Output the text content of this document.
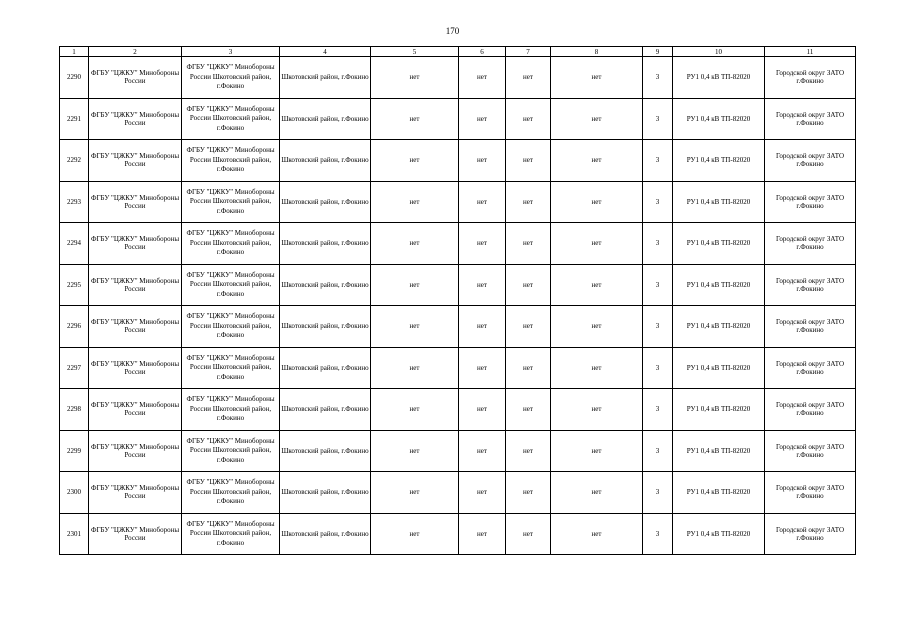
170
1	2	3	4	5	6	7	8	9	10	11
2290	ФГБУ "ЦЖКУ" Минобороны России	ФГБУ "ЦЖКУ" Минобороны России Шкотовский район, г.Фокино	Шкотовский район, г.Фокино	нет	нет	нет	нет	3	РУ1 0,4 кВ ТП-82020	Городской округ ЗАТО г.Фокино
2291	ФГБУ "ЦЖКУ" Минобороны России	ФГБУ "ЦЖКУ" Минобороны России Шкотовский район, г.Фокино	Шкотовский район, г.Фокино	нет	нет	нет	нет	3	РУ1 0,4 кВ ТП-82020	Городской округ ЗАТО г.Фокино
2292	ФГБУ "ЦЖКУ" Минобороны России	ФГБУ "ЦЖКУ" Минобороны России Шкотовский район, г.Фокино	Шкотовский район, г.Фокино	нет	нет	нет	нет	3	РУ1 0,4 кВ ТП-82020	Городской округ ЗАТО г.Фокино
2293	ФГБУ "ЦЖКУ" Минобороны России	ФГБУ "ЦЖКУ" Минобороны России Шкотовский район, г.Фокино	Шкотовский район, г.Фокино	нет	нет	нет	нет	3	РУ1 0,4 кВ ТП-82020	Городской округ ЗАТО г.Фокино
2294	ФГБУ "ЦЖКУ" Минобороны России	ФГБУ "ЦЖКУ" Минобороны России Шкотовский район, г.Фокино	Шкотовский район, г.Фокино	нет	нет	нет	нет	3	РУ1 0,4 кВ ТП-82020	Городской округ ЗАТО г.Фокино
2295	ФГБУ "ЦЖКУ" Минобороны России	ФГБУ "ЦЖКУ" Минобороны России Шкотовский район, г.Фокино	Шкотовский район, г.Фокино	нет	нет	нет	нет	3	РУ1 0,4 кВ ТП-82020	Городской округ ЗАТО г.Фокино
2296	ФГБУ "ЦЖКУ" Минобороны России	ФГБУ "ЦЖКУ" Минобороны России Шкотовский район, г.Фокино	Шкотовский район, г.Фокино	нет	нет	нет	нет	3	РУ1 0,4 кВ ТП-82020	Городской округ ЗАТО г.Фокино
2297	ФГБУ "ЦЖКУ" Минобороны России	ФГБУ "ЦЖКУ" Минобороны России Шкотовский район, г.Фокино	Шкотовский район, г.Фокино	нет	нет	нет	нет	3	РУ1 0,4 кВ ТП-82020	Городской округ ЗАТО г.Фокино
2298	ФГБУ "ЦЖКУ" Минобороны России	ФГБУ "ЦЖКУ" Минобороны России Шкотовский район, г.Фокино	Шкотовский район, г.Фокино	нет	нет	нет	нет	3	РУ1 0,4 кВ ТП-82020	Городской округ ЗАТО г.Фокино
2299	ФГБУ "ЦЖКУ" Минобороны России	ФГБУ "ЦЖКУ" Минобороны России Шкотовский район, г.Фокино	Шкотовский район, г.Фокино	нет	нет	нет	нет	3	РУ1 0,4 кВ ТП-82020	Городской округ ЗАТО г.Фокино
2300	ФГБУ "ЦЖКУ" Минобороны России	ФГБУ "ЦЖКУ" Минобороны России Шкотовский район, г.Фокино	Шкотовский район, г.Фокино	нет	нет	нет	нет	3	РУ1 0,4 кВ ТП-82020	Городской округ ЗАТО г.Фокино
2301	ФГБУ "ЦЖКУ" Минобороны России	ФГБУ "ЦЖКУ" Минобороны России Шкотовский район, г.Фокино	Шкотовский район, г.Фокино	нет	нет	нет	нет	3	РУ1 0,4 кВ ТП-82020	Городской округ ЗАТО г.Фокино
